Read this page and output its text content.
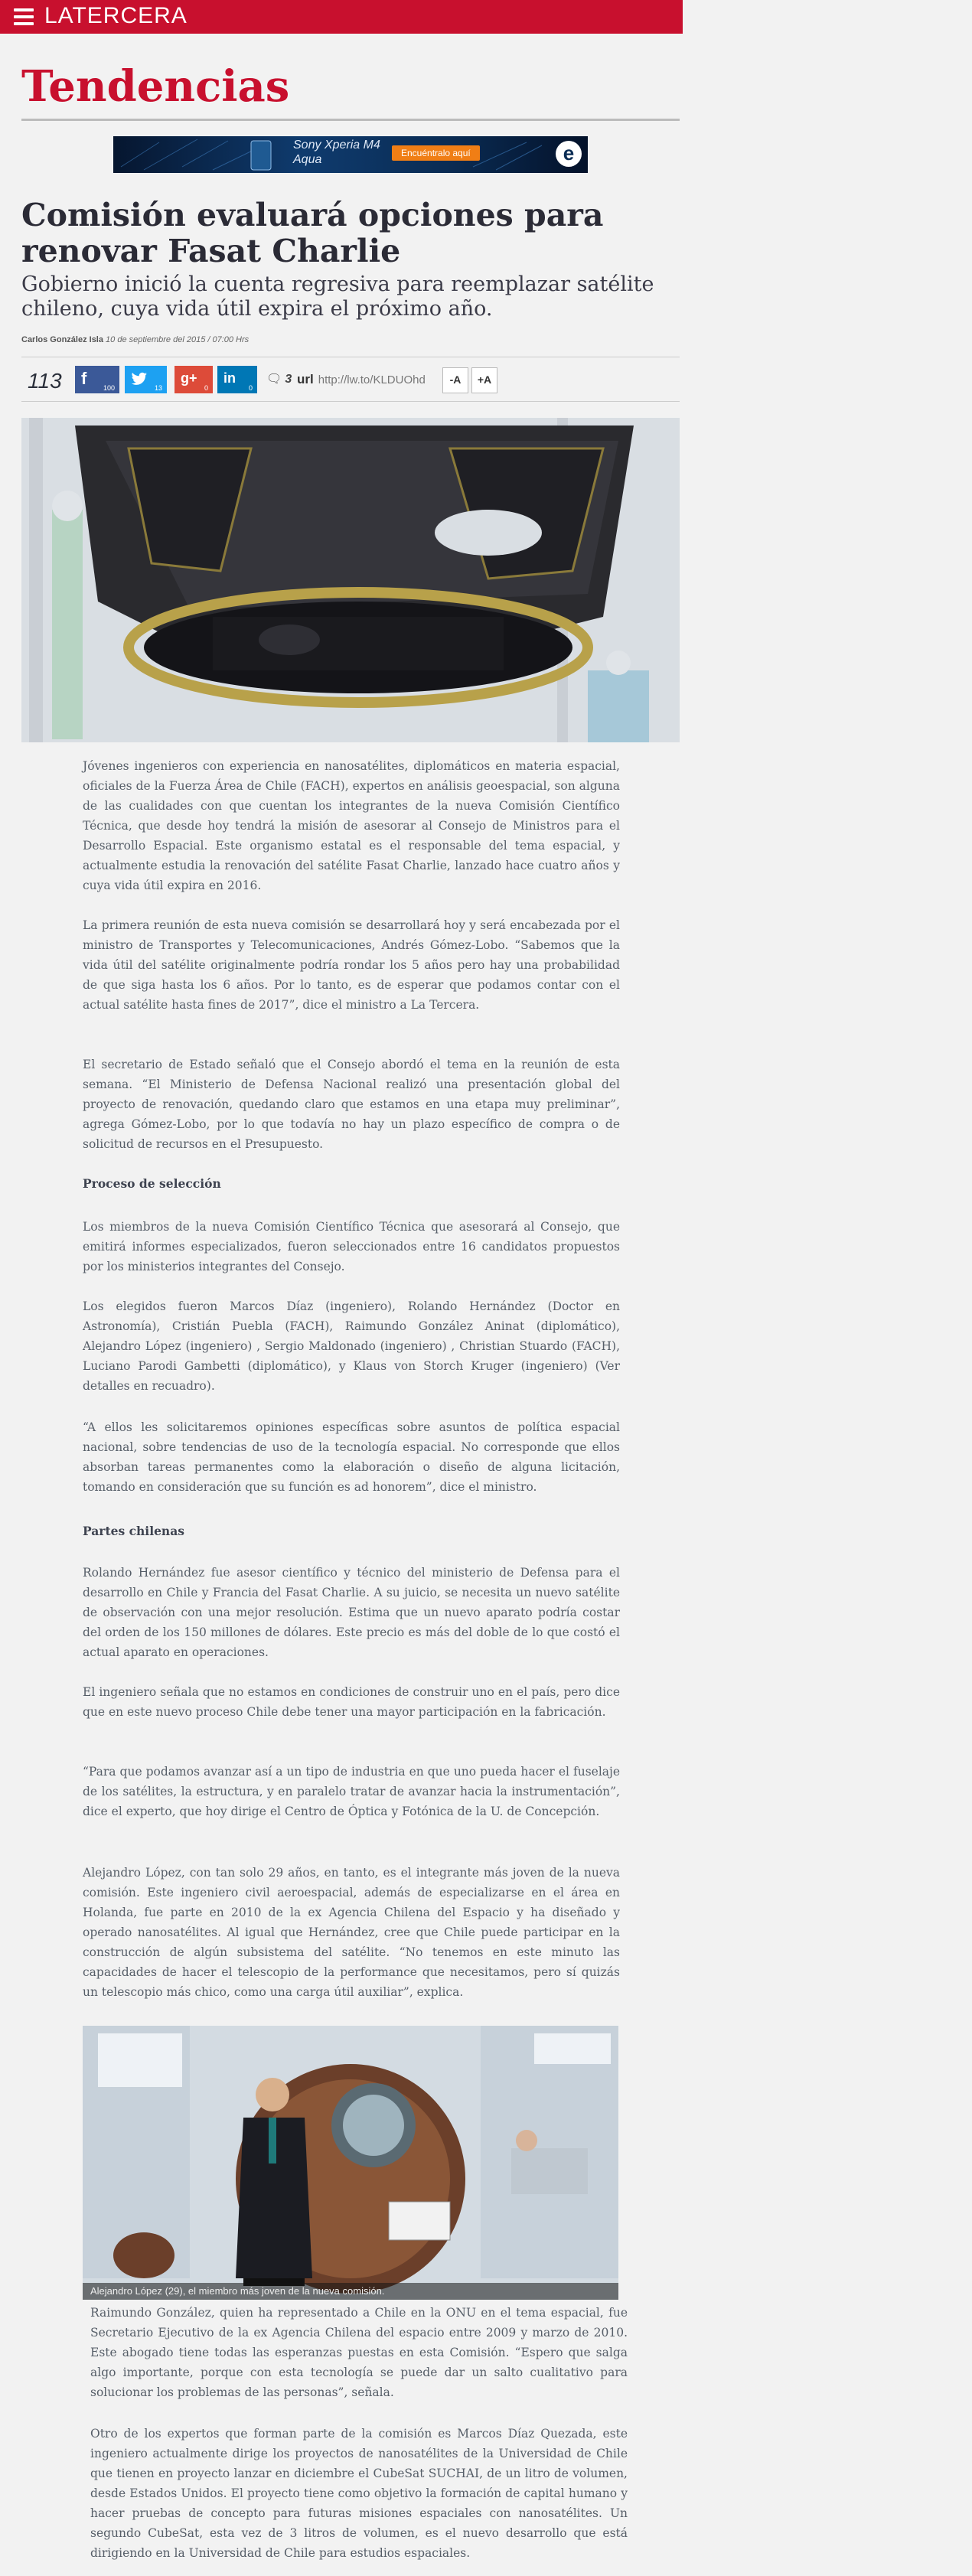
LATERCERA
Tendencias
Sony Xperia M4 Aqua	Encuéntralo aquí	e
Comisión evaluará opciones para renovar Fasat Charlie
Gobierno inició la cuenta regresiva para reemplazar satélite chileno, cuya vida útil expira el próximo año.
Carlos González Isla 10 de septiembre del 2015 / 07:00 Hrs
113 f 100	13
g+
0
in
0
🗨 3 url http://lw.to/KLDUOhd	-A	+A

Jóvenes ingenieros con experiencia en nanosatélites, diplomáticos en materia espacial, oficiales de la Fuerza Área de Chile (FACH), expertos en análisis geoespacial, son alguna de las cualidades con que cuentan los integrantes de la nueva Comisión Científico Técnica, que desde hoy tendrá la misión de asesorar al Consejo de Ministros para el Desarrollo Espacial. Este organismo estatal es el responsable del tema espacial, y actualmente estudia la renovación del satélite Fasat Charlie, lanzado hace cuatro años y cuya vida útil expira en 2016.

La primera reunión de esta nueva comisión se desarrollará hoy y será encabezada por el ministro de Transportes y Telecomunicaciones, Andrés Gómez-Lobo. “Sabemos que la vida útil del satélite originalmente podría rondar los 5 años pero hay una probabilidad de que siga hasta los 6 años. Por lo tanto, es de esperar que podamos contar con el actual satélite hasta fines de 2017”, dice el ministro a La Tercera.

El secretario de Estado señaló que el Consejo abordó el tema en la reunión de esta semana. “El Ministerio de Defensa Nacional realizó una presentación global del proyecto de renovación, quedando claro que estamos en una etapa muy preliminar”, agrega Gómez-Lobo, por lo que todavía no hay un plazo específico de compra o de solicitud de recursos en el Presupuesto.

Proceso de selección

Los miembros de la nueva Comisión Científico Técnica que asesorará al Consejo, que emitirá informes especializados, fueron seleccionados entre 16 candidatos propuestos por los ministerios integrantes del Consejo.

Los elegidos fueron Marcos Díaz (ingeniero), Rolando Hernández (Doctor en Astronomía), Cristián Puebla (FACH), Raimundo González Aninat (diplomático), Alejandro López (ingeniero) , Sergio Maldonado (ingeniero) , Christian Stuardo (FACH), Luciano Parodi Gambetti (diplomático), y Klaus von Storch Kruger (ingeniero) (Ver detalles en recuadro).

“A ellos les solicitaremos opiniones específicas sobre asuntos de política espacial nacional, sobre tendencias de uso de la tecnología espacial. No corresponde que ellos absorban tareas permanentes como la elaboración o diseño de alguna licitación, tomando en consideración que su función es ad honorem”, dice el ministro.

Partes chilenas

Rolando Hernández fue asesor científico y técnico del ministerio de Defensa para el desarrollo en Chile y Francia del Fasat Charlie. A su juicio, se necesita un nuevo satélite de observación con una mejor resolución. Estima que un nuevo aparato podría costar del orden de los 150 millones de dólares. Este precio es más del doble de lo que costó el actual aparato en operaciones.

El ingeniero señala que no estamos en condiciones de construir uno en el país, pero dice que en este nuevo proceso Chile debe tener una mayor participación en la fabricación.

“Para que podamos avanzar así a un tipo de industria en que uno pueda hacer el fuselaje de los satélites, la estructura, y en paralelo tratar de avanzar hacia la instrumentación”, dice el experto, que hoy dirige el Centro de Óptica y Fotónica de la U. de Concepción.

Alejandro López, con tan solo 29 años, en tanto, es el integrante más joven de la nueva comisión. Este ingeniero civil aeroespacial, además de especializarse en el área en Holanda, fue parte en 2010 de la ex Agencia Chilena del Espacio y ha diseñado y operado nanosatélites. Al igual que Hernández, cree que Chile puede participar en la construcción de algún subsistema del satélite. “No tenemos en este minuto las capacidades de hacer el telescopio de la performance que necesitamos, pero sí quizás un telescopio más chico, como una carga útil auxiliar”, explica.

Alejandro López (29), el miembro más joven de la nueva comisión.

Raimundo González, quien ha representado a Chile en la ONU en el tema espacial, fue Secretario Ejecutivo de la ex Agencia Chilena del espacio entre 2009 y marzo de 2010. Este abogado tiene todas las esperanzas puestas en esta Comisión. “Espero que salga algo importante, porque con esta tecnología se puede dar un salto cualitativo para solucionar los problemas de las personas”, señala.

Otro de los expertos que forman parte de la comisión es Marcos Díaz Quezada, este ingeniero actualmente dirige los proyectos de nanosatélites de la Universidad de Chile que tienen en proyecto lanzar en diciembre el CubeSat SUCHAI, de un litro de volumen, desde Estados Unidos. El proyecto tiene como objetivo la formación de capital humano y hacer pruebas de concepto para futuras misiones espaciales con nanosatélites. Un segundo CubeSat, esta vez de 3 litros de volumen, es el nuevo desarrollo que está dirigiendo en la Universidad de Chile para estudios espaciales.
